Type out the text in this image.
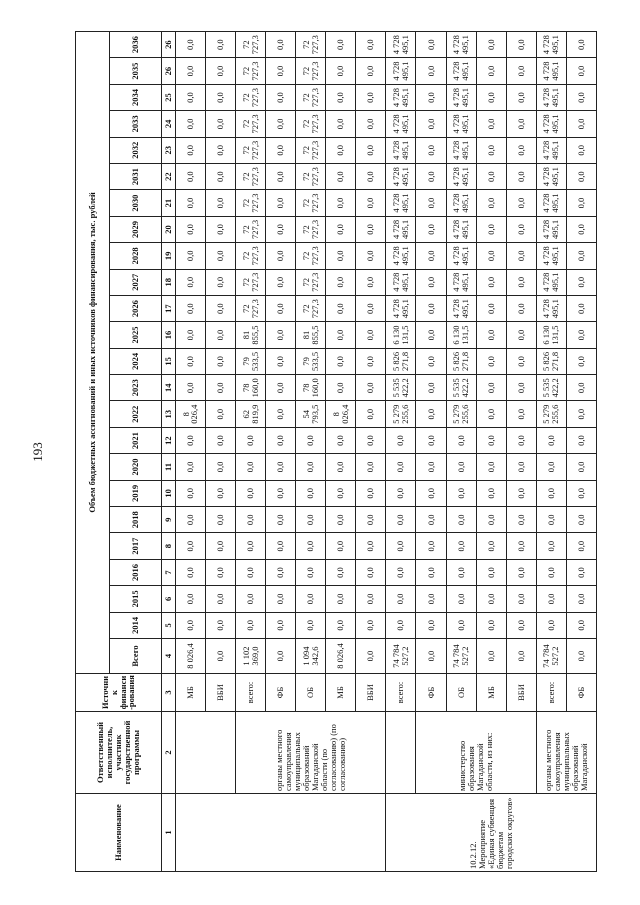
193
Наименование	Ответственный исполнитель, участник государственной программы	Источник финанси-рования	Объем бюджетных ассигнований и иных источников финансирования, тыс. рублей																							
			Всего	2014	2015	2016	2017	2018	2019	2020	2021	2022	2023	2024	2025	2026	2027	2028	2029	2030	2031	2032	2033	2034	2035	2036
1	2	3	4	5	6	7	8	9	10	11	12	13	14	15	16	17	18	19	20	21	22	23	24	25	26	26
		МБ	8 026,4	0,0	0,0	0,0	0,0	0,0	0,0	0,0	0,0	8 026,4	0,0	0,0	0,0	0,0	0,0	0,0	0,0	0,0	0,0	0,0	0,0	0,0	0,0	0,0
		ВБИ	0,0	0,0	0,0	0,0	0,0	0,0	0,0	0,0	0,0	0,0	0,0	0,0	0,0	0,0	0,0	0,0	0,0	0,0	0,0	0,0	0,0	0,0	0,0	0,0
	органы местного самоуправления муниципальных образований Магаданской области (по согласованию) (по согласованию)	всего:	1 102 369,0	0,0	0,0	0,0	0,0	0,0	0,0	0,0	0,0	62 819,9	78 160,0	79 533,5	81 855,5	72 727,3	72 727,3	72 727,3	72 727,3	72 727,3	72 727,3	72 727,3	72 727,3	72 727,3	72 727,3	72 727,3
		ФБ	0,0	0,0	0,0	0,0	0,0	0,0	0,0	0,0	0,0	0,0	0,0	0,0	0,0	0,0	0,0	0,0	0,0	0,0	0,0	0,0	0,0	0,0	0,0	0,0
		ОБ	1 094 342,6	0,0	0,0	0,0	0,0	0,0	0,0	0,0	0,0	54 793,5	78 160,0	79 533,5	81 855,5	72 727,3	72 727,3	72 727,3	72 727,3	72 727,3	72 727,3	72 727,3	72 727,3	72 727,3	72 727,3	72 727,3
		МБ	8 026,4	0,0	0,0	0,0	0,0	0,0	0,0	0,0	0,0	8 026,4	0,0	0,0	0,0	0,0	0,0	0,0	0,0	0,0	0,0	0,0	0,0	0,0	0,0	0,0
		ВБИ	0,0	0,0	0,0	0,0	0,0	0,0	0,0	0,0	0,0	0,0	0,0	0,0	0,0	0,0	0,0	0,0	0,0	0,0	0,0	0,0	0,0	0,0	0,0	0,0
10.2.12. Мероприятие «Единая субвенция бюджетам городских округов»		всего:	74 784 527,2	0,0	0,0	0,0	0,0	0,0	0,0	0,0	0,0	5 279 255,6	5 535 422,2	5 826 271,8	6 130 131,5	4 728 495,1	4 728 495,1	4 728 495,1	4 728 495,1	4 728 495,1	4 728 495,1	4 728 495,1	4 728 495,1	4 728 495,1	4 728 495,1	4 728 495,1
	министерство образования Магаданской области, из них:	ФБ	0,0	0,0	0,0	0,0	0,0	0,0	0,0	0,0	0,0	0,0	0,0	0,0	0,0	0,0	0,0	0,0	0,0	0,0	0,0	0,0	0,0	0,0	0,0	0,0
		ОБ	74 784 527,2	0,0	0,0	0,0	0,0	0,0	0,0	0,0	0,0	5 279 255,6	5 535 422,2	5 826 271,8	6 130 131,5	4 728 495,1	4 728 495,1	4 728 495,1	4 728 495,1	4 728 495,1	4 728 495,1	4 728 495,1	4 728 495,1	4 728 495,1	4 728 495,1	4 728 495,1
		МБ	0,0	0,0	0,0	0,0	0,0	0,0	0,0	0,0	0,0	0,0	0,0	0,0	0,0	0,0	0,0	0,0	0,0	0,0	0,0	0,0	0,0	0,0	0,0	0,0
		ВБИ	0,0	0,0	0,0	0,0	0,0	0,0	0,0	0,0	0,0	0,0	0,0	0,0	0,0	0,0	0,0	0,0	0,0	0,0	0,0	0,0	0,0	0,0	0,0	0,0
	органы местного самоуправления муниципальных образований Магаданской	всего:	74 784 527,2	0,0	0,0	0,0	0,0	0,0	0,0	0,0	0,0	5 279 255,6	5 535 422,2	5 826 271,8	6 130 131,5	4 728 495,1	4 728 495,1	4 728 495,1	4 728 495,1	4 728 495,1	4 728 495,1	4 728 495,1	4 728 495,1	4 728 495,1	4 728 495,1	4 728 495,1
		ФБ	0,0	0,0	0,0	0,0	0,0	0,0	0,0	0,0	0,0	0,0	0,0	0,0	0,0	0,0	0,0	0,0	0,0	0,0	0,0	0,0	0,0	0,0	0,0	0,0
